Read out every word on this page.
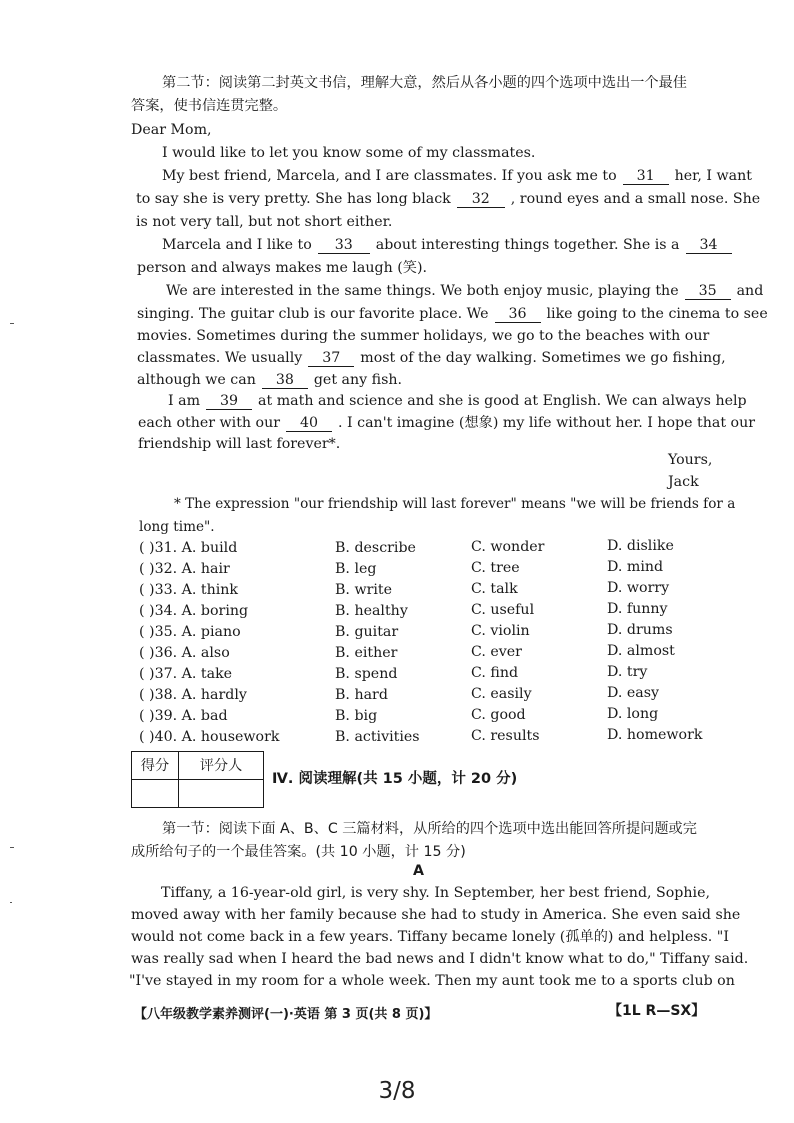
第二节：阅读第二封英文书信，理解大意，然后从各小题的四个选项中选出一个最佳
答案，使书信连贯完整。
Dear Mom,
I would like to let you know some of my classmates.
My best friend, Marcela, and I are classmates. If you ask me to 31 her, I want
to say she is very pretty. She has long black 32 , round eyes and a small nose. She
is not very tall, but not short either.
Marcela and I like to 33 about interesting things together. She is a 34
person and always makes me laugh (笑).
We are interested in the same things. We both enjoy music, playing the 35 and
singing. The guitar club is our favorite place. We 36 like going to the cinema to see
movies. Sometimes during the summer holidays, we go to the beaches with our
classmates. We usually 37 most of the day walking. Sometimes we go fishing,
although we can 38 get any fish.
I am 39 at math and science and she is good at English. We can always help
each other with our 40 . I can't imagine (想象) my life without her. I hope that our
friendship will last forever*.
Yours,
Jack
* The expression "our friendship will last forever" means "we will be friends for a
long time".
( )31. A. build	B. describe	C. wonder	D. dislike
( )32. A. hair	B. leg	C. tree	D. mind
( )33. A. think	B. write	C. talk	D. worry
( )34. A. boring	B. healthy	C. useful	D. funny
( )35. A. piano	B. guitar	C. violin	D. drums
( )36. A. also	B. either	C. ever	D. almost
( )37. A. take	B. spend	C. find	D. try
( )38. A. hardly	B. hard	C. easily	D. easy
( )39. A. bad	B. big	C. good	D. long
( )40. A. housework	B. activities	C. results	D. homework
得分	评分人
Ⅳ. 阅读理解(共 15 小题，计 20 分)
第一节：阅读下面 A、B、C 三篇材料，从所给的四个选项中选出能回答所提问题或完
成所给句子的一个最佳答案。(共 10 小题，计 15 分)
A
Tiffany, a 16-year-old girl, is very shy. In September, her best friend, Sophie,
moved away with her family because she had to study in America. She even said she
would not come back in a few years. Tiffany became lonely (孤单的) and helpless. "I
was really sad when I heard the bad news and I didn't know what to do," Tiffany said.
"I've stayed in my room for a whole week. Then my aunt took me to a sports club on
【八年级教学素养测评(一)·英语 第 3 页(共 8 页)】	【1L R—SX】
3/8
